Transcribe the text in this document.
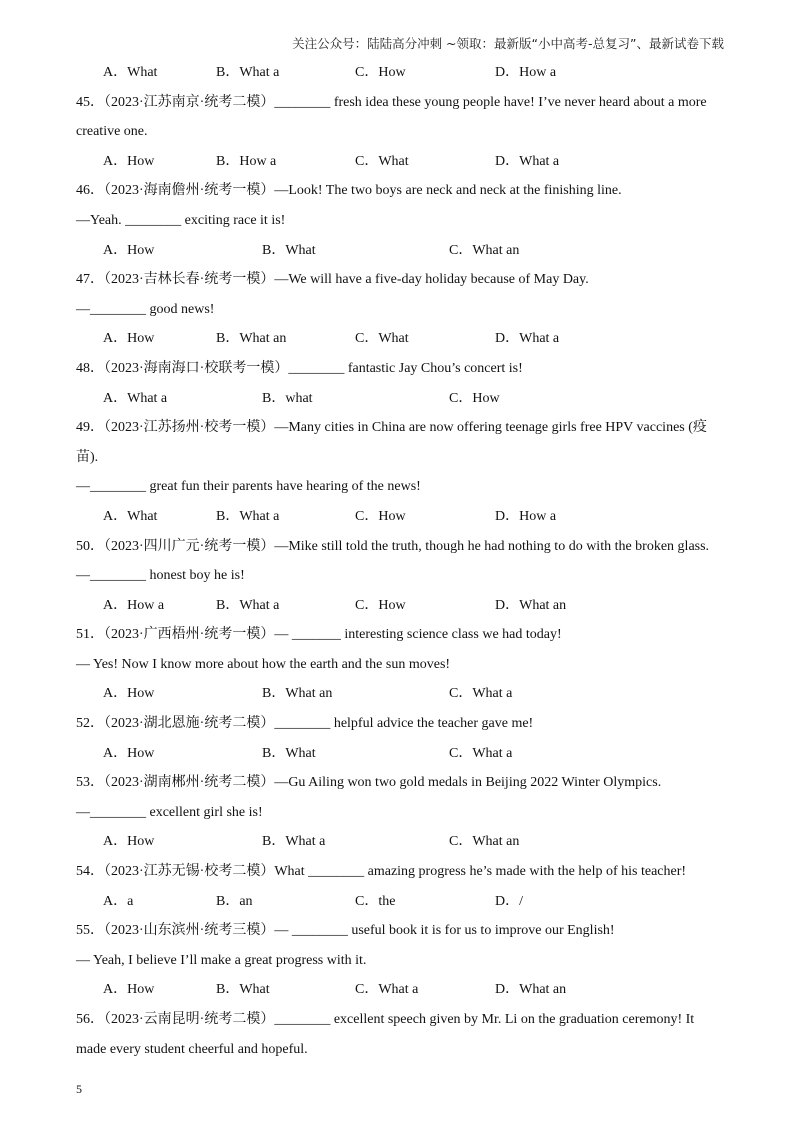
关注公众号：陆陆高分冲刺 ~领取：最新版“小中高考-总复习”、最新试卷下载
A．What	B．What a	C．How	D．How a
45．（2023·江苏南京·统考二模）________ fresh idea these young people have! I’ve never heard about a more
creative one.
A．How	B．How a	C．What	D．What a
46．（2023·海南儋州·统考一模）—Look! The two boys are neck and neck at the finishing line.
—Yeah. ________ exciting race it is!
A．How	B．What	C．What an
47．（2023·吉林长春·统考一模）—We will have a five-day holiday because of May Day.
—________ good news!
A．How	B．What an	C．What	D．What a
48．（2023·海南海口·校联考一模）________ fantastic Jay Chou’s concert is!
A．What a	B．what	C．How
49．（2023·江苏扬州·校考一模）—Many cities in China are now offering teenage girls free HPV vaccines (疫
苗).
—________ great fun their parents have hearing of the news!
A．What	B．What a	C．How	D．How a
50．（2023·四川广元·统考一模）—Mike still told the truth, though he had nothing to do with the broken glass.
—________ honest boy he is!
A．How a	B．What a	C．How	D．What an
51．（2023·广西梧州·统考一模）— _______ interesting science class we had today!
— Yes! Now I know more about how the earth and the sun moves!
A．How	B．What an	C．What a
52．（2023·湖北恩施·统考二模）________ helpful advice the teacher gave me!
A．How	B．What	C．What a
53．（2023·湖南郴州·统考二模）—Gu Ailing won two gold medals in Beijing 2022 Winter Olympics.
—________ excellent girl she is!
A．How	B．What a	C．What an
54．（2023·江苏无锡·校考二模）What ________ amazing progress he’s made with the help of his teacher!
A．a	B．an	C．the	D．/
55．（2023·山东滨州·统考三模）— ________ useful book it is for us to improve our English!
— Yeah, I believe I’ll make a great progress with it.
A．How	B．What	C．What a	D．What an
56．（2023·云南昆明·统考二模）________ excellent speech given by Mr. Li on the graduation ceremony! It
made every student cheerful and hopeful.
5
